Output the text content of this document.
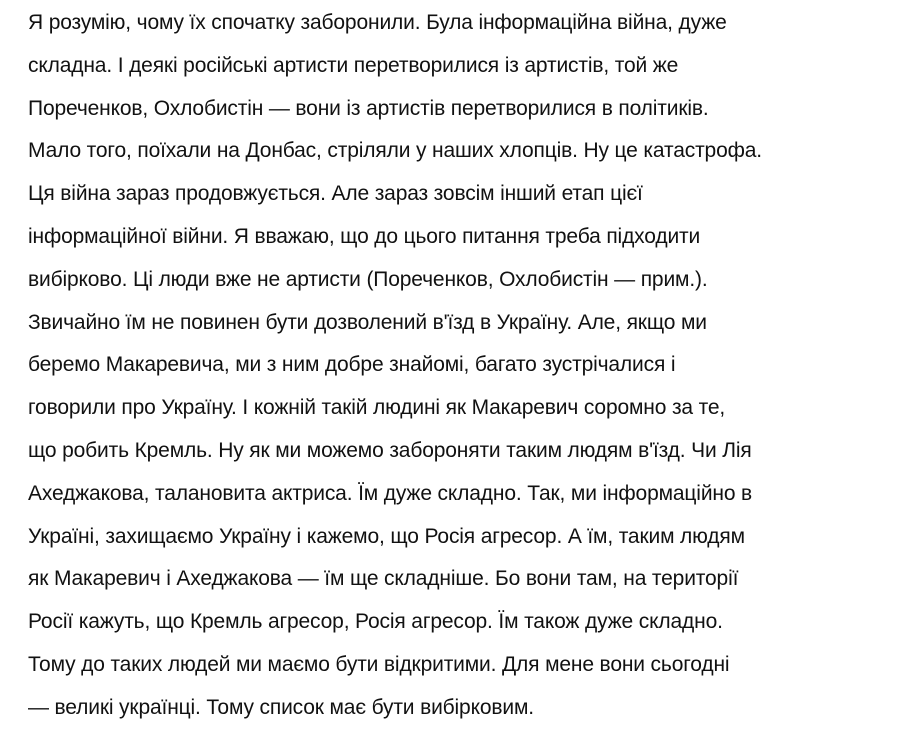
Я розумію, чому їх спочатку заборонили. Була інформаційна війна, дуже
складна. І деякі російські артисти перетворилися із артистів, той же
Пореченков, Охлобистін — вони із артистів перетворилися в політиків.
Мало того, поїхали на Донбас, стріляли у наших хлопців. Ну це катастрофа.
Ця війна зараз продовжується. Але зараз зовсім інший етап цієї
інформаційної війни. Я вважаю, що до цього питання треба підходити
вибірково. Ці люди вже не артисти (Пореченков, Охлобистін — прим.).
Звичайно їм не повинен бути дозволений в'їзд в Україну. Але, якщо ми
беремо Макаревича, ми з ним добре знайомі, багато зустрічалися і
говорили про Україну. І кожній такій людині як Макаревич соромно за те,
що робить Кремль. Ну як ми можемо забороняти таким людям в'їзд. Чи Лія
Ахеджакова, талановита актриса. Їм дуже складно. Так, ми інформаційно в
Україні, захищаємо Україну і кажемо, що Росія агресор. А їм, таким людям
як Макаревич і Ахеджакова — їм ще складніше. Бо вони там, на території
Росії кажуть, що Кремль агресор, Росія агресор. Їм також дуже складно.
Тому до таких людей ми маємо бути відкритими. Для мене вони сьогодні
— великі українці. Тому список має бути вибірковим.
